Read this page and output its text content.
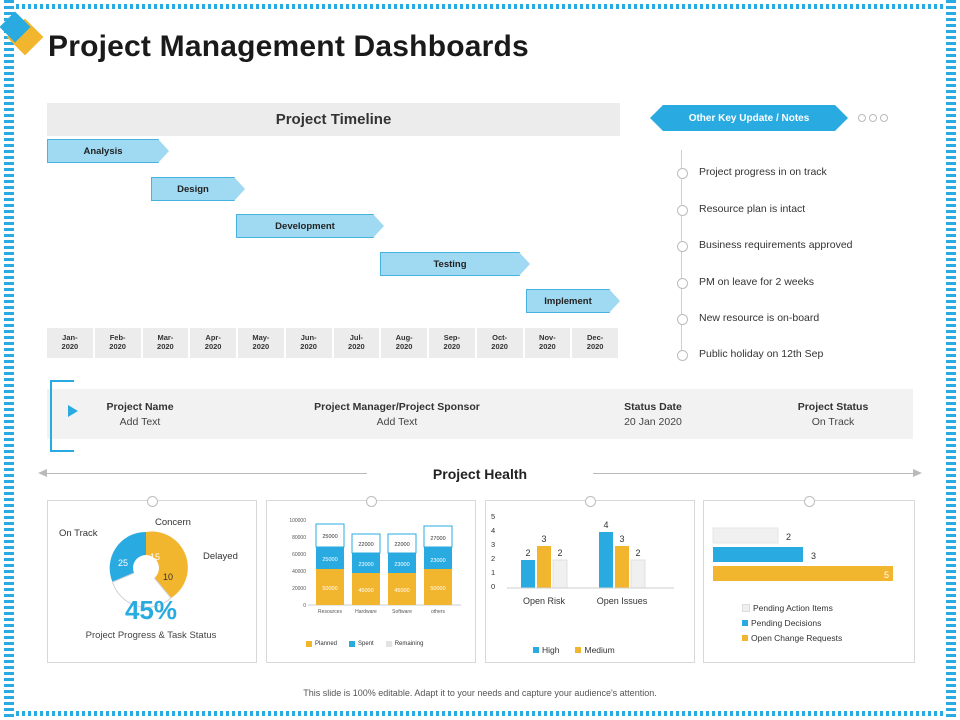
Project Management Dashboards
Project Timeline
Analysis
Design
Development
Testing
Implement
Jan-
2020
Feb-
2020
Mar-
2020
Apr-
2020
May-
2020
Jun-
2020
Jul-
2020
Aug-
2020
Sep-
2020
Oct-
2020
Nov-
2020
Dec-
2020
Other Key Update / Notes
Project progress in on track
Resource plan is intact
Business requirements approved
PM on leave for 2 weeks
New resource is on-board
Public holiday on 12th Sep
Project Name
Add Text
Project Manager/Project Sponsor
Add Text
Status Date
20 Jan 2020
Project Status
On Track
Project Health
On Track
Concern
Delayed
25
15
10
45%
Project Progress & Task Status
100000
80000
60000
40000
20000
0
25000
25000
50000
22000
23000
45000
22000
23000
45000
27000
23000
50000
Resources	Hardware	Software	others
Planned	Spent	Remaining
5
4
3
2
1
0
2
3
2
4
3
2
Open Risk	Open Issues
High	Medium
2
3
5
Pending Action Items
Pending Decisions
Open Change Requests
This slide is 100% editable. Adapt it to your needs and capture your audience's attention.
